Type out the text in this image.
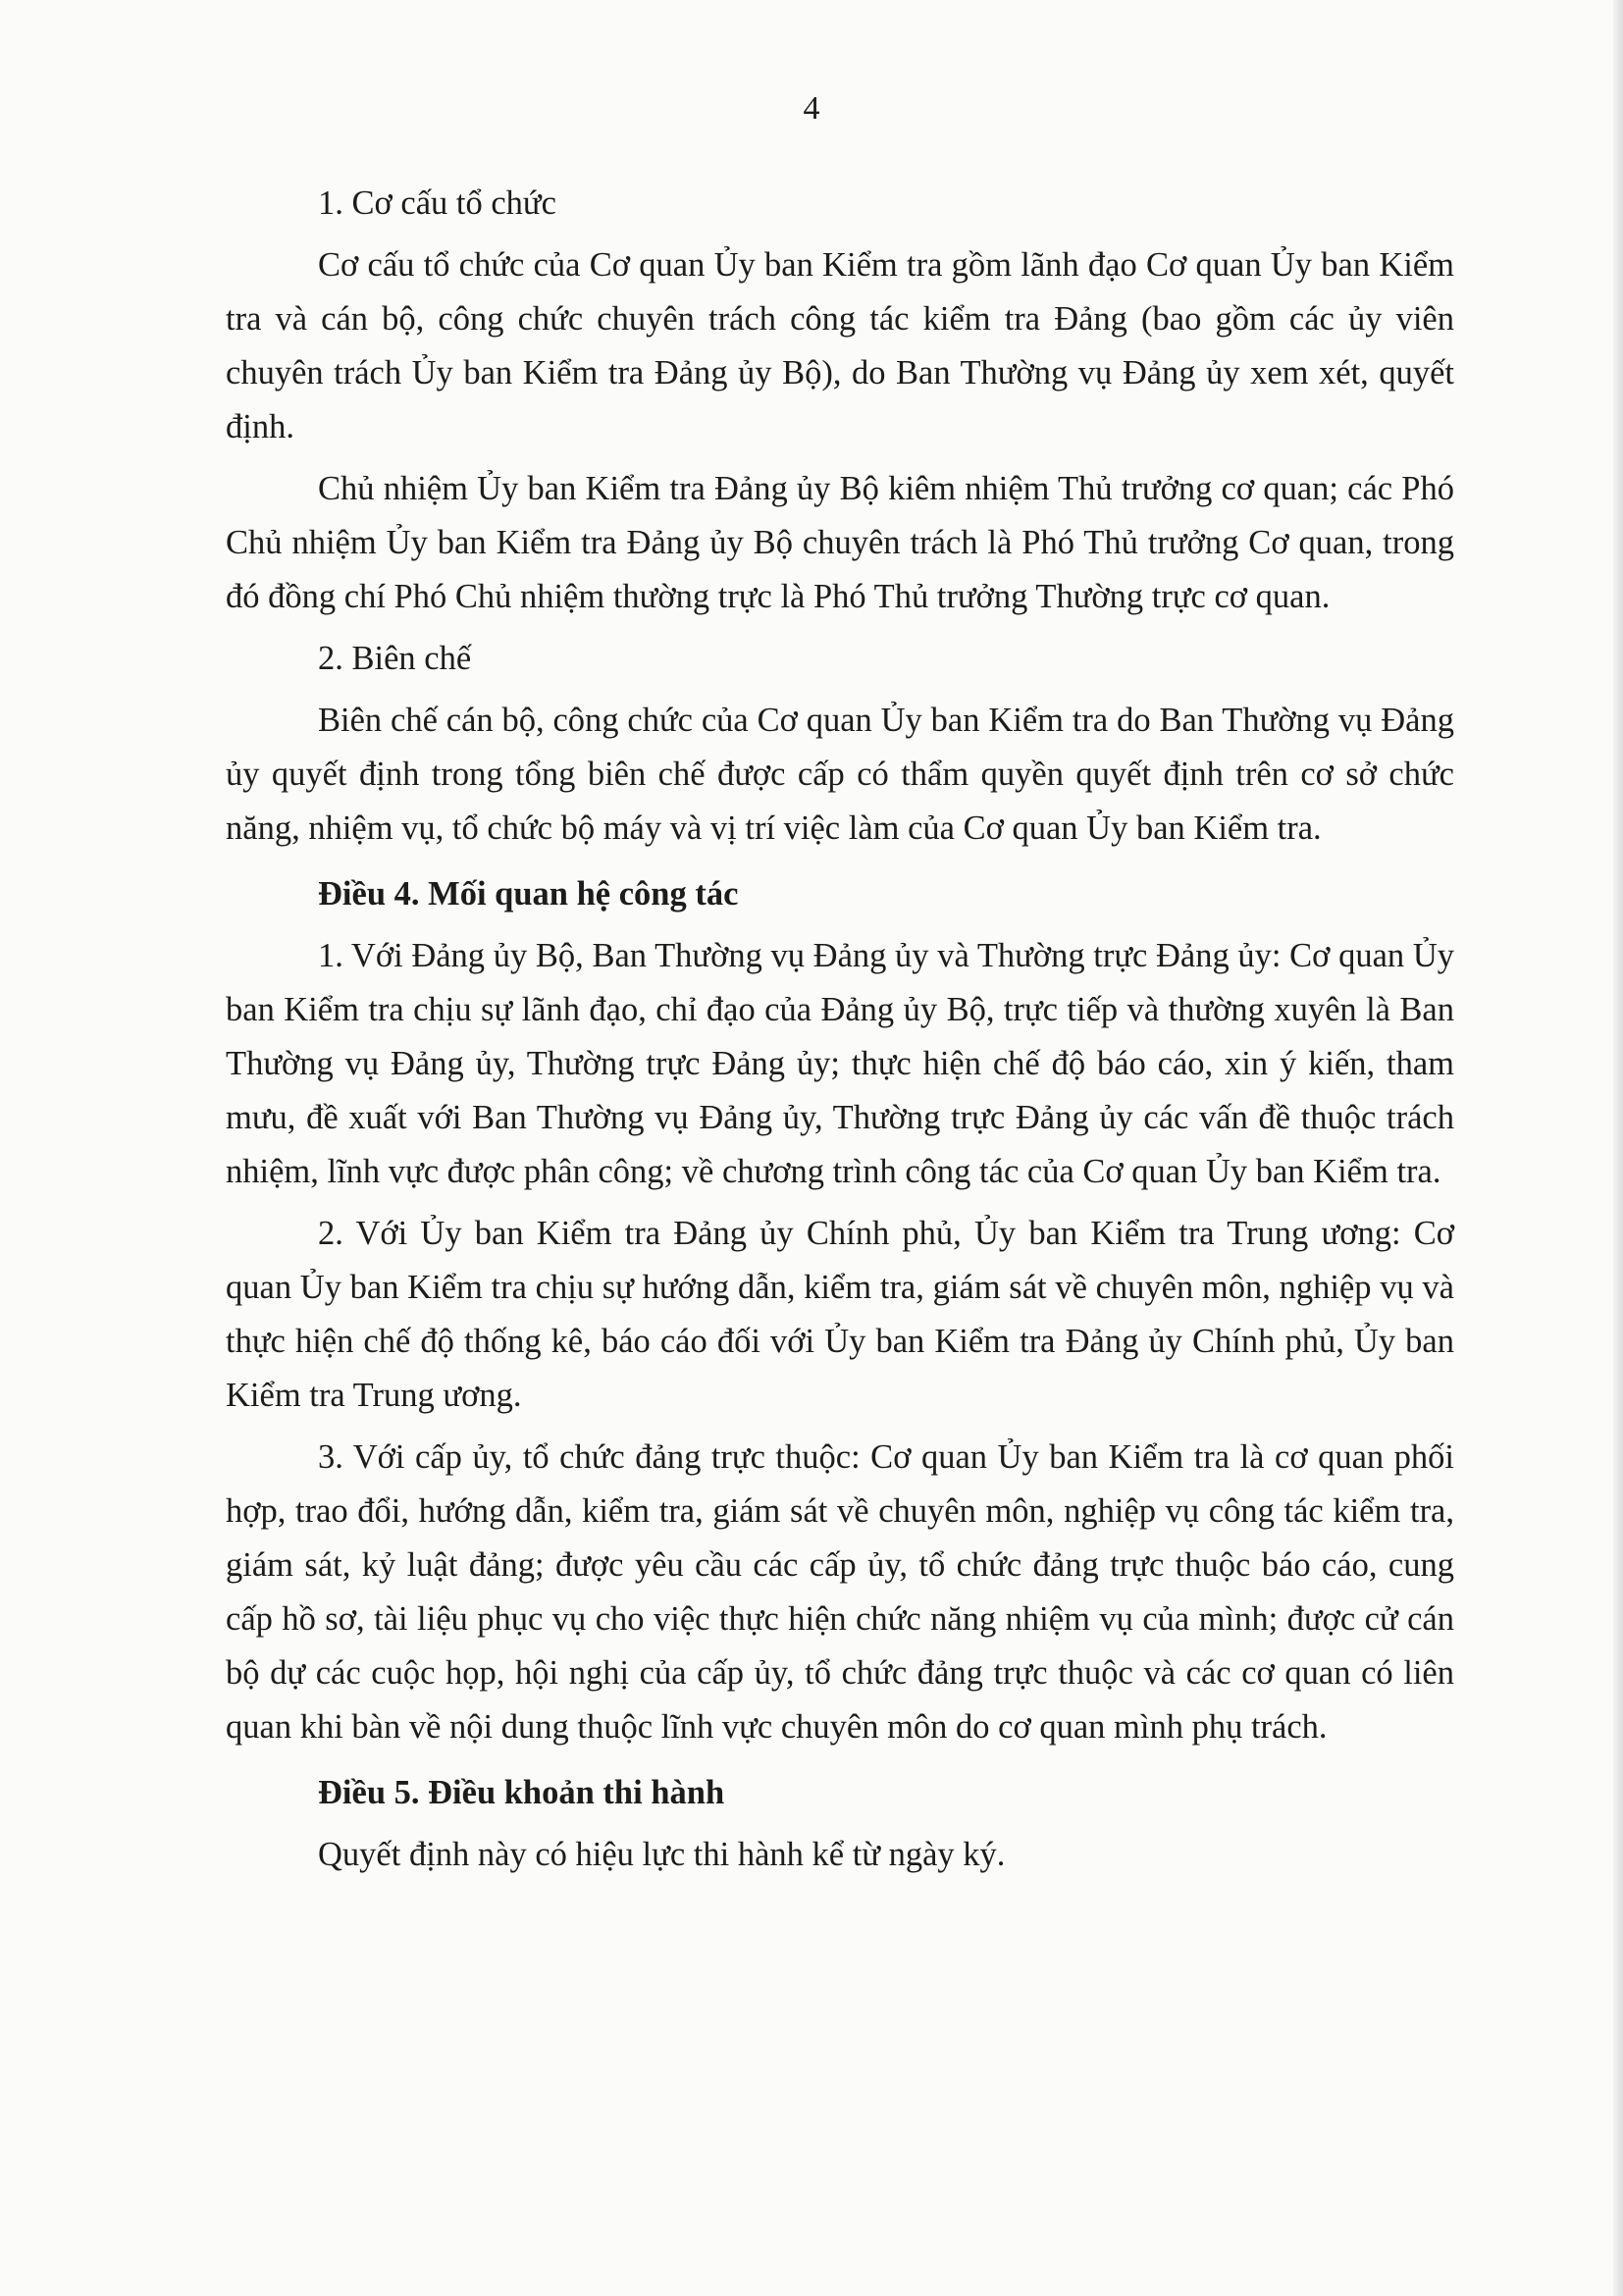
4

1. Cơ cấu tổ chức

Cơ cấu tổ chức của Cơ quan Ủy ban Kiểm tra gồm lãnh đạo Cơ quan Ủy ban Kiểm tra và cán bộ, công chức chuyên trách công tác kiểm tra Đảng (bao gồm các ủy viên chuyên trách Ủy ban Kiểm tra Đảng ủy Bộ), do Ban Thường vụ Đảng ủy xem xét, quyết định.

Chủ nhiệm Ủy ban Kiểm tra Đảng ủy Bộ kiêm nhiệm Thủ trưởng cơ quan; các Phó Chủ nhiệm Ủy ban Kiểm tra Đảng ủy Bộ chuyên trách là Phó Thủ trưởng Cơ quan, trong đó đồng chí Phó Chủ nhiệm thường trực là Phó Thủ trưởng Thường trực cơ quan.

2. Biên chế

Biên chế cán bộ, công chức của Cơ quan Ủy ban Kiểm tra do Ban Thường vụ Đảng ủy quyết định trong tổng biên chế được cấp có thẩm quyền quyết định trên cơ sở chức năng, nhiệm vụ, tổ chức bộ máy và vị trí việc làm của Cơ quan Ủy ban Kiểm tra.

Điều 4. Mối quan hệ công tác

1. Với Đảng ủy Bộ, Ban Thường vụ Đảng ủy và Thường trực Đảng ủy: Cơ quan Ủy ban Kiểm tra chịu sự lãnh đạo, chỉ đạo của Đảng ủy Bộ, trực tiếp và thường xuyên là Ban Thường vụ Đảng ủy, Thường trực Đảng ủy; thực hiện chế độ báo cáo, xin ý kiến, tham mưu, đề xuất với Ban Thường vụ Đảng ủy, Thường trực Đảng ủy các vấn đề thuộc trách nhiệm, lĩnh vực được phân công; về chương trình công tác của Cơ quan Ủy ban Kiểm tra.

2. Với Ủy ban Kiểm tra Đảng ủy Chính phủ, Ủy ban Kiểm tra Trung ương: Cơ quan Ủy ban Kiểm tra chịu sự hướng dẫn, kiểm tra, giám sát về chuyên môn, nghiệp vụ và thực hiện chế độ thống kê, báo cáo đối với Ủy ban Kiểm tra Đảng ủy Chính phủ, Ủy ban Kiểm tra Trung ương.

3. Với cấp ủy, tổ chức đảng trực thuộc: Cơ quan Ủy ban Kiểm tra là cơ quan phối hợp, trao đổi, hướng dẫn, kiểm tra, giám sát về chuyên môn, nghiệp vụ công tác kiểm tra, giám sát, kỷ luật đảng; được yêu cầu các cấp ủy, tổ chức đảng trực thuộc báo cáo, cung cấp hồ sơ, tài liệu phục vụ cho việc thực hiện chức năng nhiệm vụ của mình; được cử cán bộ dự các cuộc họp, hội nghị của cấp ủy, tổ chức đảng trực thuộc và các cơ quan có liên quan khi bàn về nội dung thuộc lĩnh vực chuyên môn do cơ quan mình phụ trách.

Điều 5. Điều khoản thi hành

Quyết định này có hiệu lực thi hành kể từ ngày ký.
